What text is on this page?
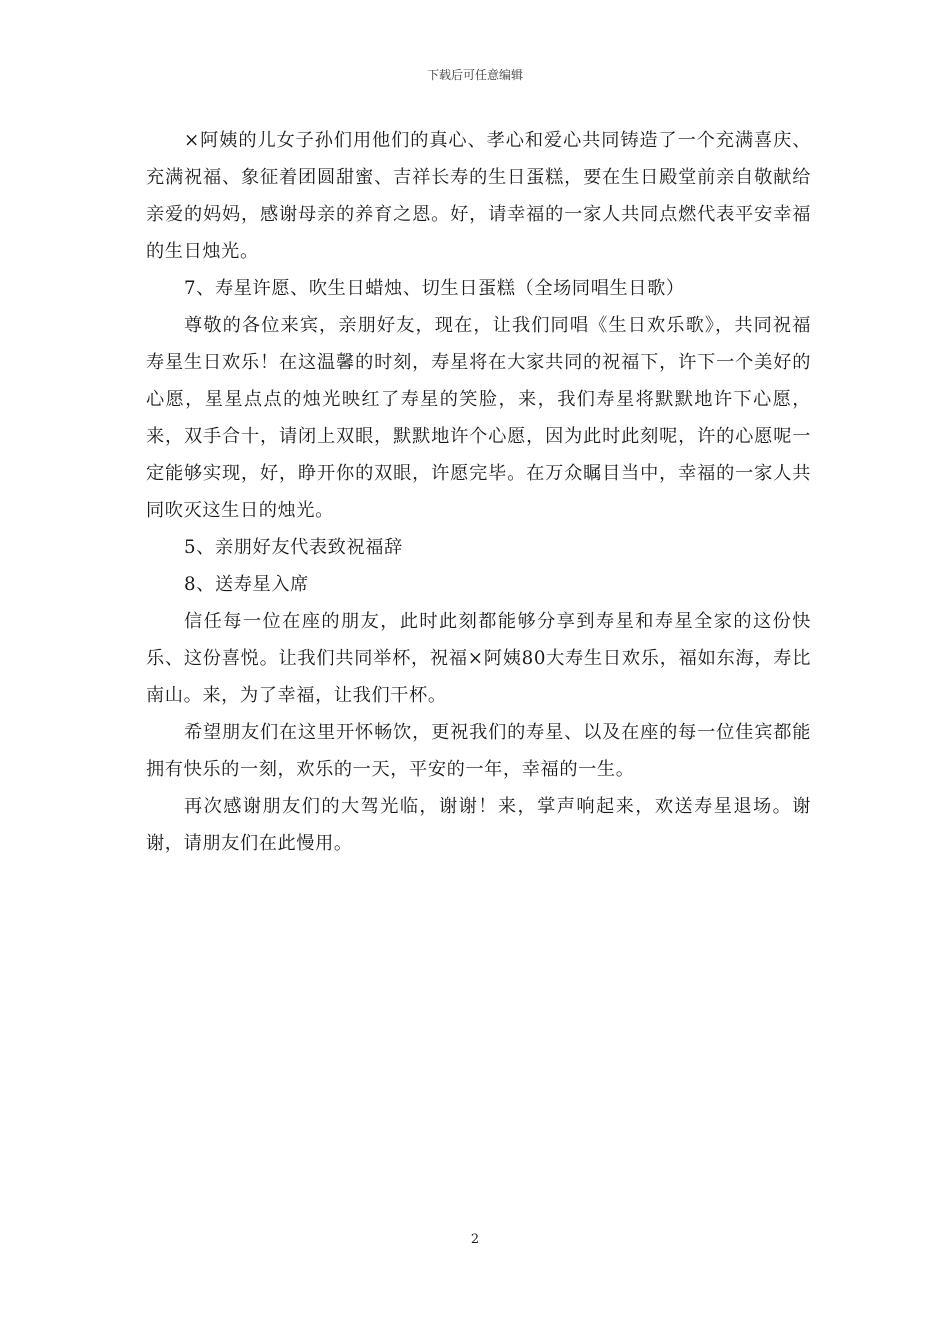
下载后可任意编辑

×阿姨的儿女子孙们用他们的真心、孝心和爱心共同铸造了一个充满喜庆、充满祝福、象征着团圆甜蜜、吉祥长寿的生日蛋糕，要在生日殿堂前亲自敬献给亲爱的妈妈，感谢母亲的养育之恩。好，请幸福的一家人共同点燃代表平安幸福的生日烛光。

7、寿星许愿、吹生日蜡烛、切生日蛋糕（全场同唱生日歌）

尊敬的各位来宾，亲朋好友，现在，让我们同唱《生日欢乐歌》，共同祝福寿星生日欢乐！在这温馨的时刻，寿星将在大家共同的祝福下，许下一个美好的心愿，星星点点的烛光映红了寿星的笑脸，来，我们寿星将默默地许下心愿，来，双手合十，请闭上双眼，默默地许个心愿，因为此时此刻呢，许的心愿呢一定能够实现，好，睁开你的双眼，许愿完毕。在万众瞩目当中，幸福的一家人共同吹灭这生日的烛光。

5、亲朋好友代表致祝福辞

8、送寿星入席

信任每一位在座的朋友，此时此刻都能够分享到寿星和寿星全家的这份快乐、这份喜悦。让我们共同举杯，祝福×阿姨80大寿生日欢乐，福如东海，寿比南山。来，为了幸福，让我们干杯。

希望朋友们在这里开怀畅饮，更祝我们的寿星、以及在座的每一位佳宾都能拥有快乐的一刻，欢乐的一天，平安的一年，幸福的一生。

再次感谢朋友们的大驾光临，谢谢！来，掌声响起来，欢送寿星退场。谢谢，请朋友们在此慢用。

2
